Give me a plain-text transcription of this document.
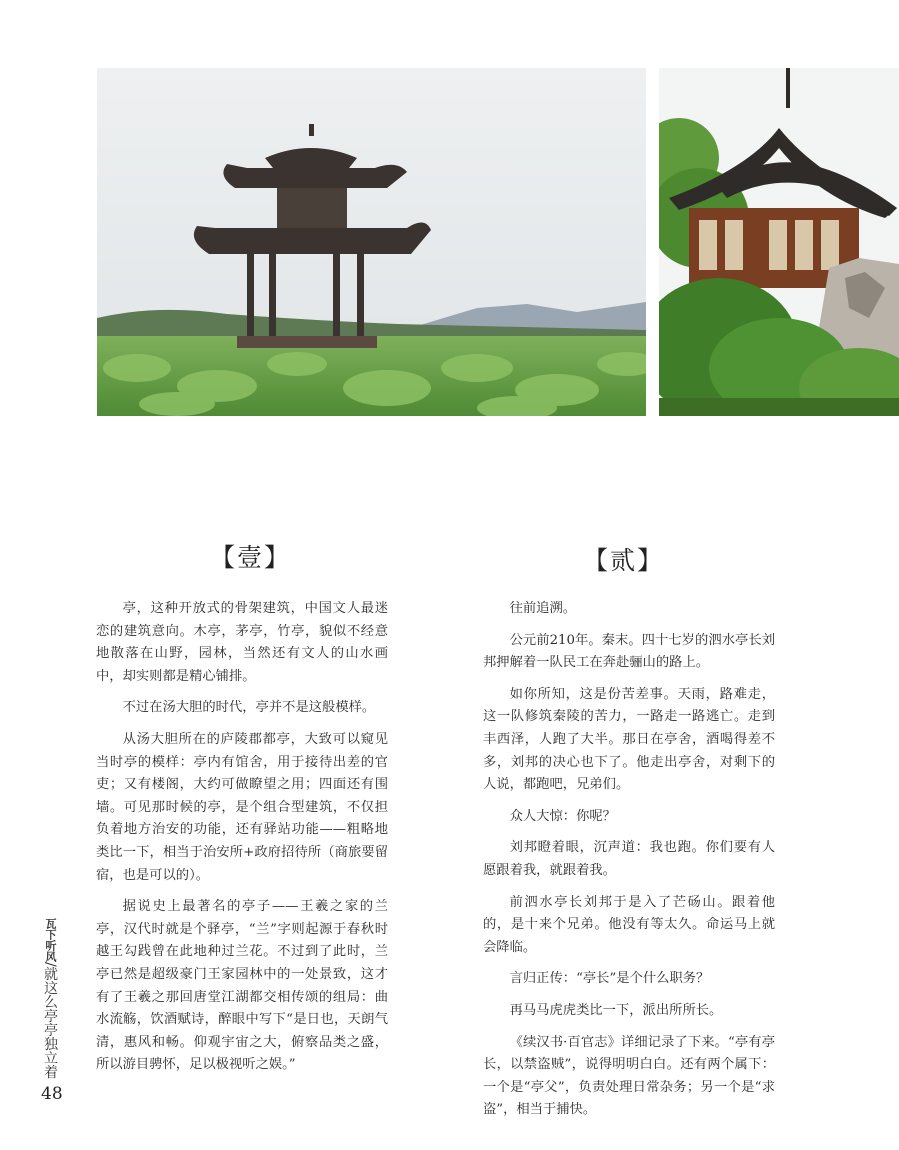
【壹】

亭，这种开放式的骨架建筑，中国文人最迷恋的建筑意向。木亭，茅亭，竹亭，貌似不经意地散落在山野，园林，当然还有文人的山水画中，却实则都是精心铺排。

不过在汤大胆的时代，亭并不是这般模样。

从汤大胆所在的庐陵郡都亭，大致可以窥见当时亭的模样：亭内有馆舍，用于接待出差的官吏；又有楼阁，大约可做瞭望之用；四面还有围墙。可见那时候的亭，是个组合型建筑，不仅担负着地方治安的功能，还有驿站功能——粗略地类比一下，相当于治安所+政府招待所（商旅要留宿，也是可以的）。

据说史上最著名的亭子——王羲之家的兰亭，汉代时就是个驿亭，“兰”字则起源于春秋时越王勾践曾在此地种过兰花。不过到了此时，兰亭已然是超级豪门王家园林中的一处景致，这才有了王羲之那回唐堂江湖都交相传颂的组局：曲水流觞，饮酒赋诗，醉眼中写下“是日也，天朗气清，惠风和畅。仰观宇宙之大，俯察品类之盛，所以游目骋怀，足以极视听之娱。”

【贰】

往前追溯。

公元前210年。秦末。四十七岁的泗水亭长刘邦押解着一队民工在奔赴骊山的路上。

如你所知，这是份苦差事。天雨，路难走，这一队修筑秦陵的苦力，一路走一路逃亡。走到丰西泽，人跑了大半。那日在亭舍，酒喝得差不多，刘邦的决心也下了。他走出亭舍，对剩下的人说，都跑吧，兄弟们。

众人大惊：你呢？

刘邦瞪着眼，沉声道：我也跑。你们要有人愿跟着我，就跟着我。

前泗水亭长刘邦于是入了芒砀山。跟着他的，是十来个兄弟。他没有等太久。命运马上就会降临。

言归正传：“亭长”是个什么职务？

再马马虎虎类比一下，派出所所长。

《续汉书·百官志》详细记录了下来。“亭有亭长，以禁盗贼”，说得明明白白。还有两个属下：一个是“亭父”，负责处理日常杂务；另一个是“求盗”，相当于捕快。

瓦下听风/就这么亭亭独立着
48
